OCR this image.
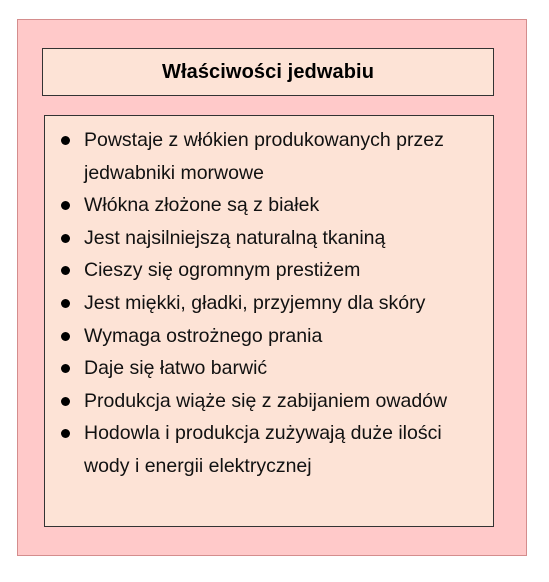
Właściwości jedwabiu
Powstaje z włókien produkowanych przez jedwabniki morwowe
Włókna złożone są z białek
Jest najsilniejszą naturalną tkaniną
Cieszy się ogromnym prestiżem
Jest miękki, gładki, przyjemny dla skóry
Wymaga ostrożnego prania
Daje się łatwo barwić
Produkcja wiąże się z zabijaniem owadów
Hodowla i produkcja zużywają duże ilości wody i energii elektrycznej
